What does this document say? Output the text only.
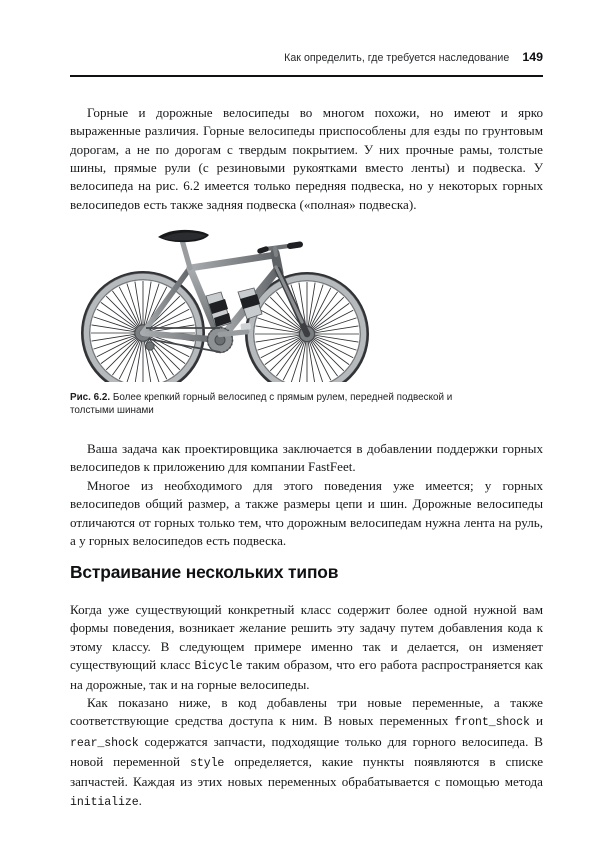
Как определить, где требуется наследование 149

Горные и дорожные велосипеды во многом похожи, но имеют и ярко выраженные различия. Горные велосипеды приспособлены для езды по грунтовым дорогам, а не по дорогам с твердым покрытием. У них прочные рамы, толстые шины, прямые рули (с резиновыми рукоятками вместо ленты) и подвеска. У велосипеда на рис. 6.2 имеется только передняя подвеска, но у некоторых горных велосипедов есть также задняя подвеска («полная» подвеска).

Рис. 6.2. Более крепкий горный велосипед с прямым рулем, передней подвеской и толстыми шинами

Ваша задача как проектировщика заключается в добавлении поддержки горных велосипедов к приложению для компании FastFeet.

Многое из необходимого для этого поведения уже имеется; у горных велосипедов общий размер, а также размеры цепи и шин. Дорожные велосипеды отличаются от горных только тем, что дорожным велосипедам нужна лента на руль, а у горных велосипедов есть подвеска.

Встраивание нескольких типов

Когда уже существующий конкретный класс содержит более одной нужной вам формы поведения, возникает желание решить эту задачу путем добавления кода к этому классу. В следующем примере именно так и делается, он изменяет существующий класс Bicycle таким образом, что его работа распространяется как на дорожные, так и на горные велосипеды.

Как показано ниже, в код добавлены три новые переменные, а также соответствующие средства доступа к ним. В новых переменных front_shock и rear_shock содержатся запчасти, подходящие только для горного велосипеда. В новой переменной style определяется, какие пункты появляются в списке запчастей. Каждая из этих новых переменных обрабатывается с помощью метода initialize.
